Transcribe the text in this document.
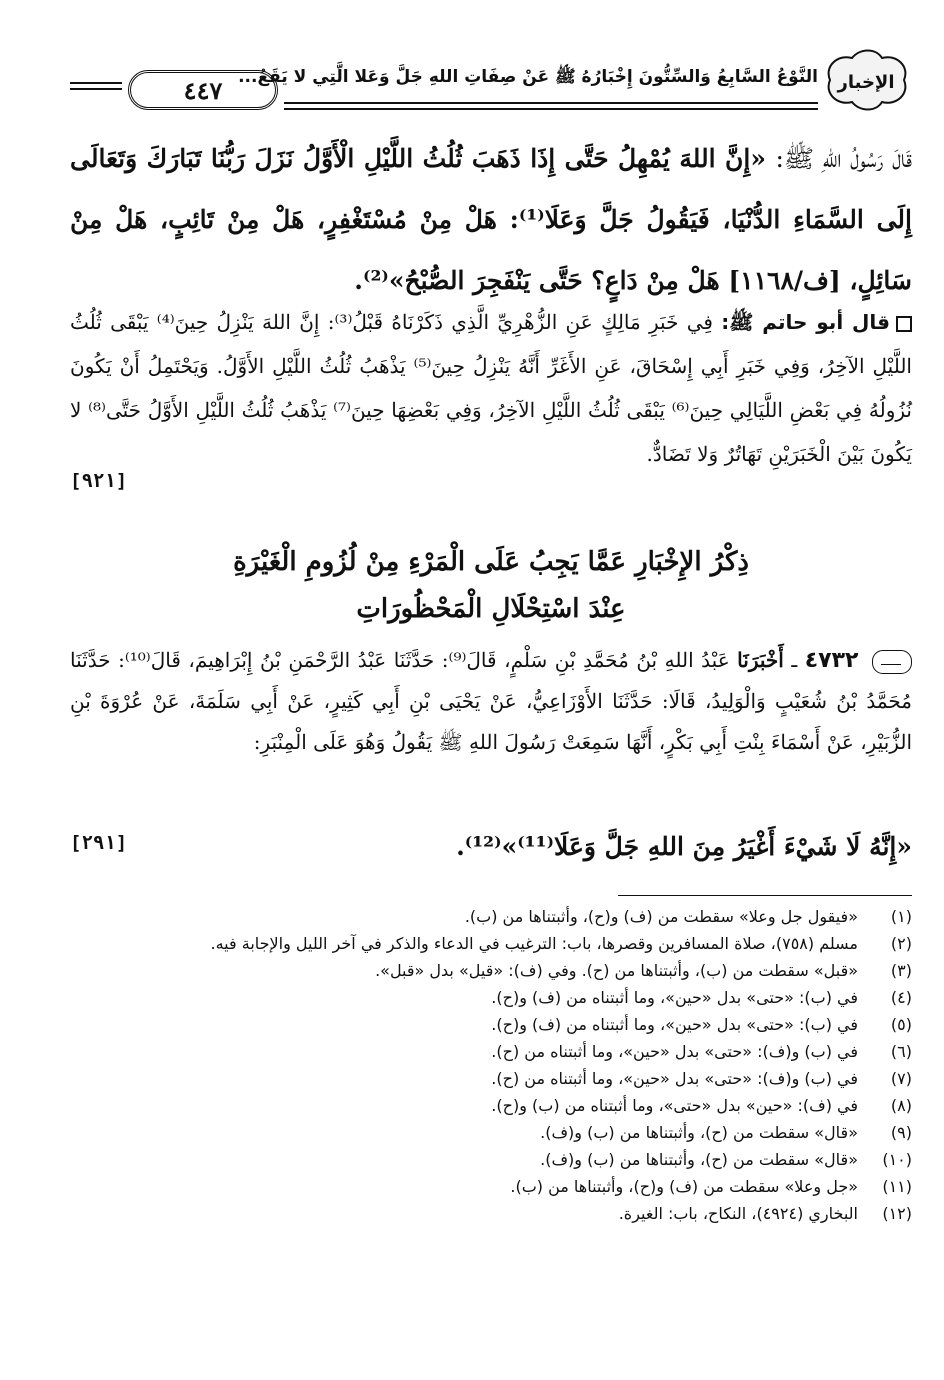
٤٤٧ النَّوْعُ السَّابِعُ وَالسِّتُّونَ إِخْبَارُهُ ﷺ عَنْ صِفَاتِ اللهِ جَلَّ وَعَلا الَّتِي لا يَقَعُ... الإخبار
قَالَ رَسُولُ اللهِ ﷺ: «إِنَّ اللهَ يُمْهِلُ حَتَّى إِذَا ذَهَبَ ثُلُثُ اللَّيْلِ الْأَوَّلُ نَزَلَ رَبُّنَا تَبَارَكَ وَتَعَالَى إِلَى السَّمَاءِ الدُّنْيَا، فَيَقُولُ جَلَّ وَعَلَا⁽¹⁾: هَلْ مِنْ مُسْتَغْفِرٍ، هَلْ مِنْ تَائِبٍ، هَلْ مِنْ سَائِلٍ، [ف/١١٦٨] هَلْ مِنْ دَاعٍ؟ حَتَّى يَنْفَجِرَ الصُّبْحُ»⁽²⁾.
قال أبو حاتم ﷺ: فِي خَبَرِ مَالِكٍ عَنِ الزُّهْرِيِّ الَّذِي ذَكَرْنَاهُ قَبْلُ⁽³⁾: إِنَّ اللهَ يَنْزِلُ حِينَ⁽⁴⁾ يَبْقَى ثُلُثُ اللَّيْلِ الآخِرُ، وَفِي خَبَرِ أَبِي إِسْحَاقَ، عَنِ الأَغَرِّ أَنَّهُ يَنْزِلُ حِينَ⁽⁵⁾ يَذْهَبُ ثُلُثُ اللَّيْلِ الأَوَّلُ. وَيَحْتَمِلُ أَنْ يَكُونَ نُزُولُهُ فِي بَعْضِ اللَّيَالِي حِينَ⁽⁶⁾ يَبْقَى ثُلُثُ اللَّيْلِ الآخِرُ، وَفِي بَعْضِهَا حِينَ⁽⁷⁾ يَذْهَبُ ثُلُثُ اللَّيْلِ الأَوَّلُ حَتَّى⁽⁸⁾ لا يَكُونَ بَيْنَ الْخَبَرَيْنِ تَهَاتُرٌ وَلا تَضَادٌّ.
[٩٢١]
ذِكْرُ الإِخْبَارِ عَمَّا يَجِبُ عَلَى الْمَرْءِ مِنْ لُزُومِ الْغَيْرَةِ
عِنْدَ اسْتِحْلَالِ الْمَحْظُورَاتِ
٤٧٣٢ ـ أَخْبَرَنَا عَبْدُ اللهِ بْنُ مُحَمَّدِ بْنِ سَلْمٍ، قَالَ⁽⁹⁾: حَدَّثَنَا عَبْدُ الرَّحْمَنِ بْنُ إِبْرَاهِيمَ، قَالَ⁽¹⁰⁾: حَدَّثَنَا مُحَمَّدُ بْنُ شُعَيْبٍ وَالْوَلِيدُ، قَالَا: حَدَّثَنَا الأَوْزَاعِيُّ، عَنْ يَحْيَى بْنِ أَبِي كَثِيرٍ، عَنْ أَبِي سَلَمَةَ، عَنْ عُرْوَةَ بْنِ الزُّبَيْرِ، عَنْ أَسْمَاءَ بِنْتِ أَبِي بَكْرٍ، أَنَّهَا سَمِعَتْ رَسُولَ اللهِ ﷺ يَقُولُ وَهُوَ عَلَى الْمِنْبَرِ:
«إِنَّهُ لَا شَيْءَ أَغْيَرُ مِنَ اللهِ جَلَّ وَعَلَا⁽¹¹⁾»⁽¹²⁾.
[٢٩١]
(١)
«فيقول جل وعلا» سقطت من (ف) و(ح)، وأثبتناها من (ب).
(٢)
مسلم (٧٥٨)، صلاة المسافرين وقصرها، باب: الترغيب في الدعاء والذكر في آخر الليل والإجابة فيه.
(٣)
«قبل» سقطت من (ب)، وأثبتناها من (ح). وفي (ف): «قيل» بدل «قبل».
(٤)
في (ب): «حتى» بدل «حين»، وما أثبتناه من (ف) و(ح).
(٥)
في (ب): «حتى» بدل «حين»، وما أثبتناه من (ف) و(ح).
(٦)
في (ب) و(ف): «حتى» بدل «حين»، وما أثبتناه من (ح).
(٧)
في (ب) و(ف): «حتى» بدل «حين»، وما أثبتناه من (ح).
(٨)
في (ف): «حين» بدل «حتى»، وما أثبتناه من (ب) و(ح).
(٩)
«قال» سقطت من (ح)، وأثبتناها من (ب) و(ف).
(١٠)
«قال» سقطت من (ح)، وأثبتناها من (ب) و(ف).
(١١)
«جل وعلا» سقطت من (ف) و(ح)، وأثبتناها من (ب).
(١٢)
البخاري (٤٩٢٤)، النكاح، باب: الغيرة.
